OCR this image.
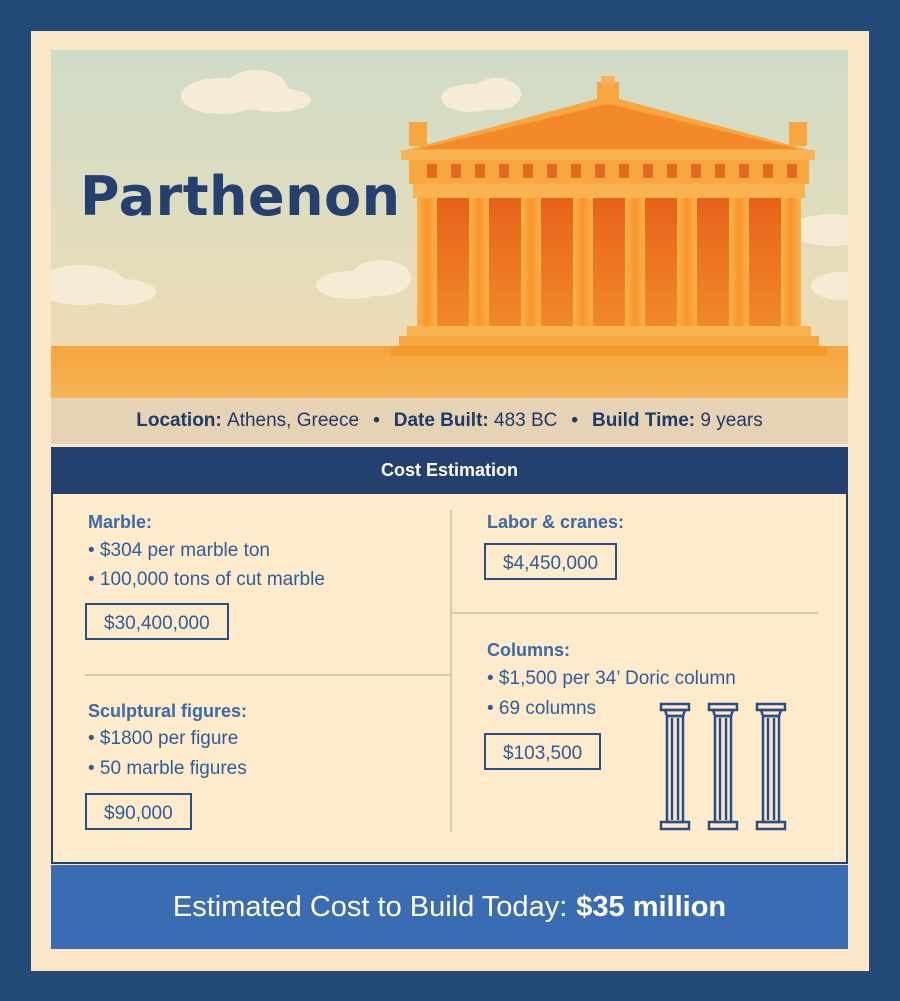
Parthenon
Location:
Athens, Greece • Date Built:
483 BC • Build Time:
9 years
Cost Estimation
Marble:
• $304 per marble ton
• 100,000 tons of cut marble
$30,400,000
Sculptural figures:
• $1800 per figure
• 50 marble figures
$90,000
Labor & cranes:
$4,450,000
Columns:
• $1,500 per 34’ Doric column
• 69 columns
$103,500
Estimated Cost to Build Today: $35 million
